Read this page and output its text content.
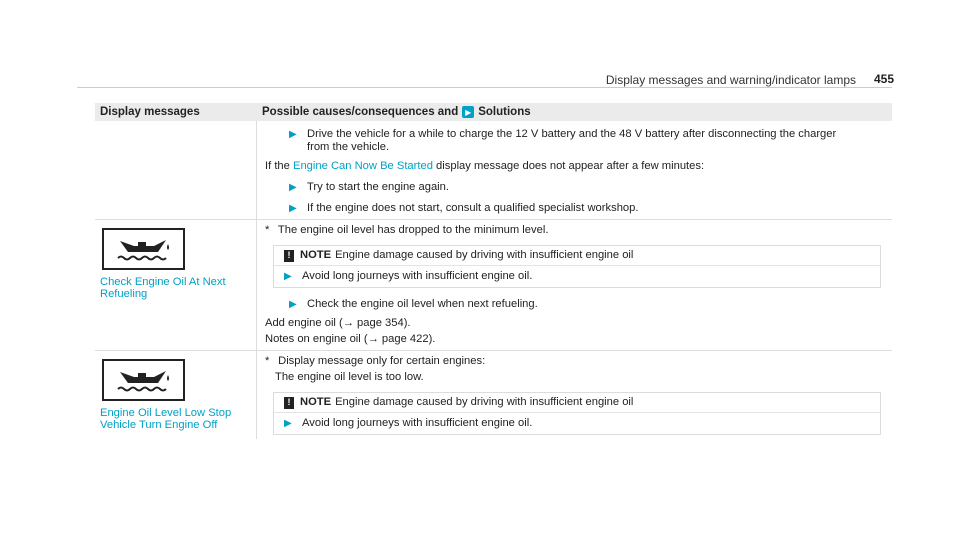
Display messages and warning/indicator lamps 455
Display messages	Possible causes/consequences and ▶ Solutions
▶ Drive the vehicle for a while to charge the 12 V battery and the 48 V battery after disconnecting the charger
from the vehicle.
If the Engine Can Now Be Started display message does not appear after a few minutes:
▶ Try to start the engine again.
▶ If the engine does not start, consult a qualified specialist workshop.
Check Engine Oil At Next
Refueling
* The engine oil level has dropped to the minimum level.
! NOTE Engine damage caused by driving with insufficient engine oil
▶ Avoid long journeys with insufficient engine oil.
▶ Check the engine oil level when next refueling.
Add engine oil (→ page 354).
Notes on engine oil (→ page 422).
Engine Oil Level Low Stop
Vehicle Turn Engine Off
* Display message only for certain engines:
The engine oil level is too low.
! NOTE Engine damage caused by driving with insufficient engine oil
▶ Avoid long journeys with insufficient engine oil.
